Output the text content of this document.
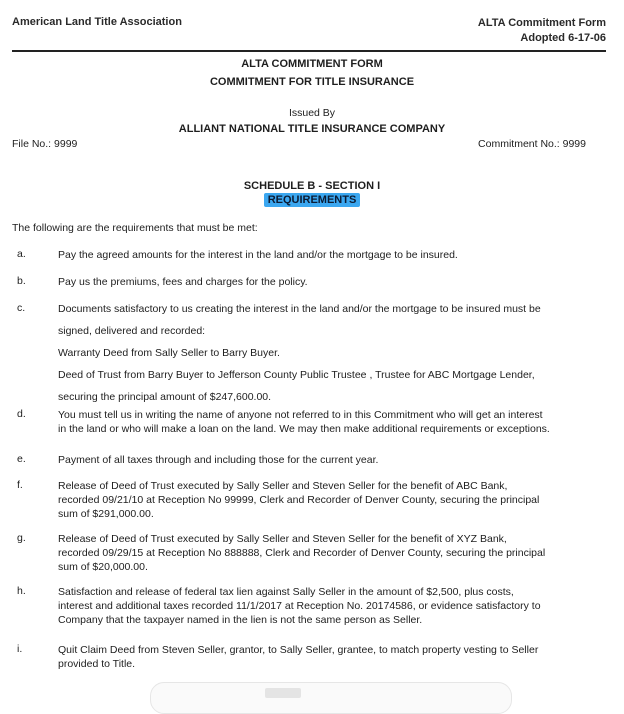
American Land Title Association	ALTA Commitment Form
Adopted 6-17-06
ALTA COMMITMENT FORM
COMMITMENT FOR TITLE INSURANCE
Issued By
ALLIANT NATIONAL TITLE INSURANCE COMPANY
File No.: 9999	Commitment No.: 9999
SCHEDULE B - SECTION I
REQUIREMENTS
The following are the requirements that must be met:
a.	Pay the agreed amounts for the interest in the land and/or the mortgage to be insured.
b.	Pay us the premiums, fees and charges for the policy.
c.	Documents satisfactory to us creating the interest in the land and/or the mortgage to be insured must be
signed, delivered and recorded:
Warranty Deed from Sally Seller to Barry Buyer.
Deed of Trust from Barry Buyer to Jefferson County Public Trustee , Trustee for ABC Mortgage Lender,
securing the principal amount of $247,600.00.
d.	You must tell us in writing the name of anyone not referred to in this Commitment who will get an interest
in the land or who will make a loan on the land. We may then make additional requirements or exceptions.
e.	Payment of all taxes through and including those for the current year.
f.	Release of Deed of Trust executed by Sally Seller and Steven Seller for the benefit of ABC Bank,
recorded 09/21/10 at Reception No 99999, Clerk and Recorder of Denver County, securing the principal
sum of $291,000.00.
g.	Release of Deed of Trust executed by Sally Seller and Steven Seller for the benefit of XYZ Bank,
recorded 09/29/15 at Reception No 888888, Clerk and Recorder of Denver County, securing the principal
sum of $20,000.00.
h.	Satisfaction and release of federal tax lien against Sally Seller in the amount of $2,500, plus costs,
interest and additional taxes recorded 11/1/2017 at Reception No. 20174586, or evidence satisfactory to
Company that the taxpayer named in the lien is not the same person as Seller.
i.	Quit Claim Deed from Steven Seller, grantor, to Sally Seller, grantee, to match property vesting to Seller
provided to Title.
